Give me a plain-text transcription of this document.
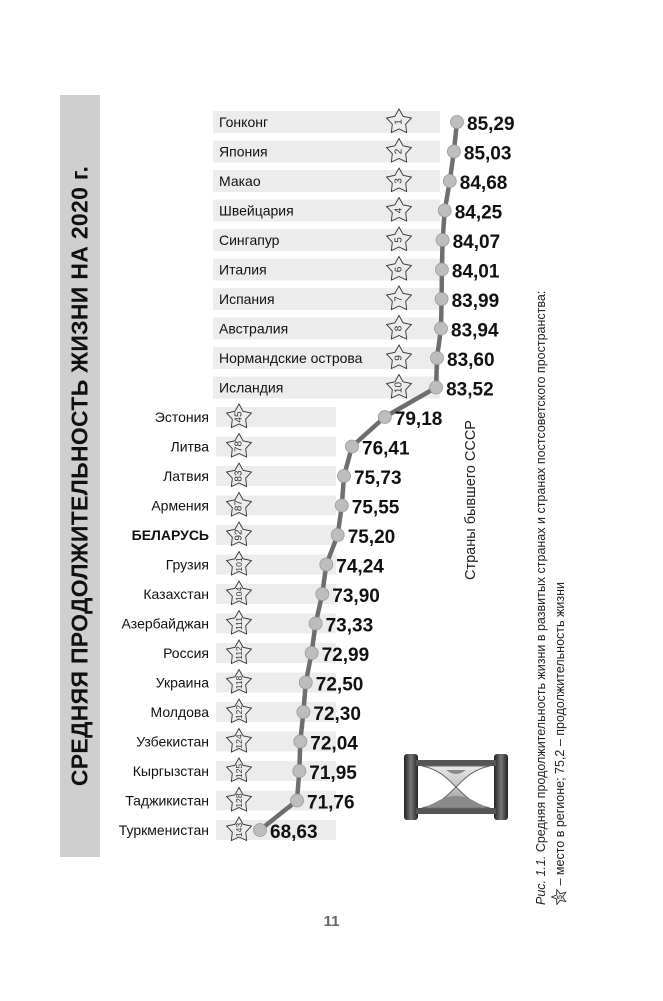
СРЕДНЯЯ ПРОДОЛЖИТЕЛЬНОСТЬ ЖИЗНИ НА 2020 г.
Гонконг	1	85,29
Япония	2	85,03
Макао	3	84,68
Швейцария	4	84,25
Сингапур	5	84,07
Италия	6 84,01
Испания	7 83,99
Австралия	8 83,94
Нормандские острова	9 83,60
Исландия	10 83,52
Эстония 45	79,18
Литва 78	76,41
Латвия 83	75,73
Армения 87	75,55
БЕЛАРУСЬ 92	75,20
Грузия	101	74,24
Казахстан	104	73,90
Азербайджан	111	73,33
Россия	112	72,99
Украина	118	72,50
Молдова	122	72,30
Узбекистан	124	72,04
Кыргызстан	125	71,95
Таджикистан	128	71,76
Туркменистан	143 68,63
Страны бывшего СССР
Рис. 1.1. Средняя продолжительность жизни в развитых странах и странах постсоветского пространства:
5
– место в регионе; 75,2 – продолжительность жизни
11
